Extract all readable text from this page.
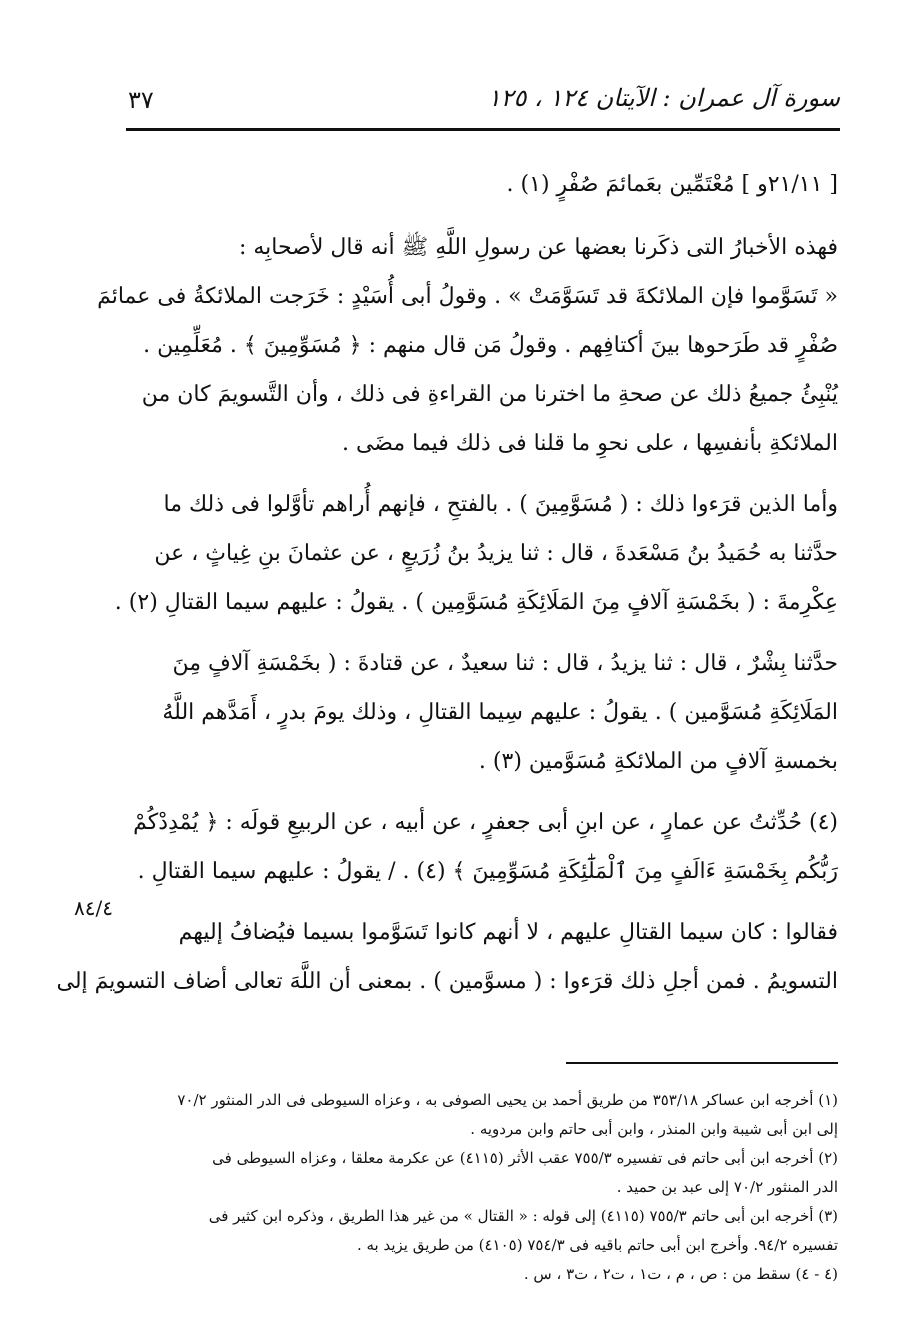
٣٧	سورة آل عمران : الآيتان ١٢٤ ، ١٢٥

[ ٢١/١١و ] مُعْتَمِّين بعَمائمَ صُفْرٍ (١) .

فهذه الأخبارُ التى ذكَرنا بعضها عن رسولِ اللَّهِ ﷺ أنه قال لأصحابِه :
« تَسَوَّموا فإن الملائكةَ قد تَسَوَّمَتْ » . وقولُ أبى أُسَيْدٍ : خَرَجت الملائكةُ فى عمائمَ
صُفْرٍ قد طَرَحوها بينَ أكتافِهم . وقولُ مَن قال منهم : ﴿ مُسَوِّمِينَ ﴾ . مُعَلِّمِين .
يُنْبِئُ جميعُ ذلك عن صحةِ ما اخترنا من القراءةِ فى ذلك ، وأن التَّسويمَ كان من
الملائكةِ بأنفسِها ، على نحوِ ما قلنا فى ذلك فيما مضَى .

وأما الذين قرَءوا ذلك : ( مُسَوَّمِينَ ) . بالفتحِ ، فإنهم أُراهم تأوَّلوا فى ذلك ما
حدَّثنا به حُمَيدُ بنُ مَسْعَدةَ ، قال : ثنا يزيدُ بنُ زُرَيعٍ ، عن عثمانَ بنِ غِياثٍ ، عن
عِكْرِمةَ : ( بخَمْسَةِ آلافٍ مِنَ المَلَائِكَةِ مُسَوَّمِين ) . يقولُ : عليهم سيما القتالِ (٢) .

حدَّثنا بِشْرٌ ، قال : ثنا يزيدُ ، قال : ثنا سعيدٌ ، عن قتادةَ : ( بخَمْسَةِ آلافٍ مِنَ
المَلَائِكَةِ مُسَوَّمين ) . يقولُ : عليهم سِيما القتالِ ، وذلك يومَ بدرٍ ، أَمَدَّهم اللَّهُ
بخمسةِ آلافٍ من الملائكةِ مُسَوَّمين (٣) .

(٤) حُدِّثتُ عن عمارٍ ، عن ابنِ أبى جعفرٍ ، عن أبيه ، عن الربيعِ قولَه : ﴿ يُمْدِدْكُمْ
رَبُّكُم بِخَمْسَةِ ءَالَفٍ مِنَ ٱلْمَلَٰٓئِكَةِ مُسَوِّمِينَ ﴾ (٤) . / يقولُ : عليهم سيما القتالِ .

فقالوا : كان سيما القتالِ عليهم ، لا أنهم كانوا تَسَوَّموا بسيما فيُضافُ إليهم
التسويمُ . فمن أجلِ ذلك قرَءوا : ( مسوَّمين ) . بمعنى أن اللَّهَ تعالى أضاف التسويمَ إلى

٨٤/٤

(١) أخرجه ابن عساكر ٣٥٣/١٨ من طريق أحمد بن يحيى الصوفى به ، وعزاه السيوطى فى الدر المنثور ٧٠/٢
إلى ابن أبى شيبة وابن المنذر ، وابن أبى حاتم وابن مردويه .

(٢) أخرجه ابن أبى حاتم فى تفسيره ٧٥٥/٣ عقب الأثر (٤١١٥) عن عكرمة معلقا ، وعزاه السيوطى فى
الدر المنثور ٧٠/٢ إلى عبد بن حميد .

(٣) أخرجه ابن أبى حاتم ٧٥٥/٣ (٤١١٥) إلى قوله : « القتال » من غير هذا الطريق ، وذكره ابن كثير فى
تفسيره ٩٤/٢. وأخرج ابن أبى حاتم باقيه فى ٧٥٤/٣ (٤١٠٥) من طريق يزيد به .

(٤ - ٤) سقط من : ص ، م ، ت١ ، ت٢ ، ت٣ ، س .
